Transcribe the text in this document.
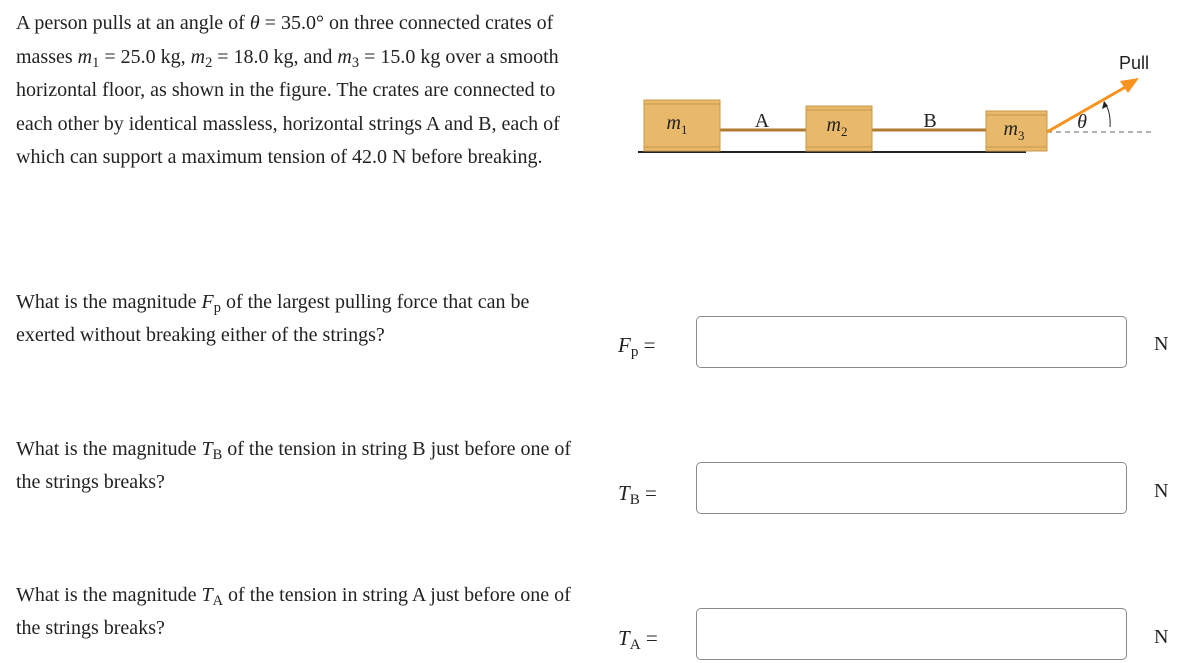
A person pulls at an angle of θ = 35.0° on three connected crates of masses $m_1 = 25.0$ kg, $m_2 = 18.0$ kg, and $m_3 = 15.0$ kg over a smooth horizontal floor, as shown in the figure. The crates are connected to each other by identical massless, horizontal strings A and B, each of which can support a maximum tension of 42.0 N before breaking.

$m_1$	A	$m_2$	B	$m_3$
θ
Pull

What is the magnitude $F_p$ of the largest pulling force that can be exerted without breaking either of the strings?	$F_p$ =	N

What is the magnitude $T_B$ of the tension in string B just before one of the strings breaks?	$T_B$ =	N

What is the magnitude $T_A$ of the tension in string A just before one of the strings breaks?	$T_A$ =	N
